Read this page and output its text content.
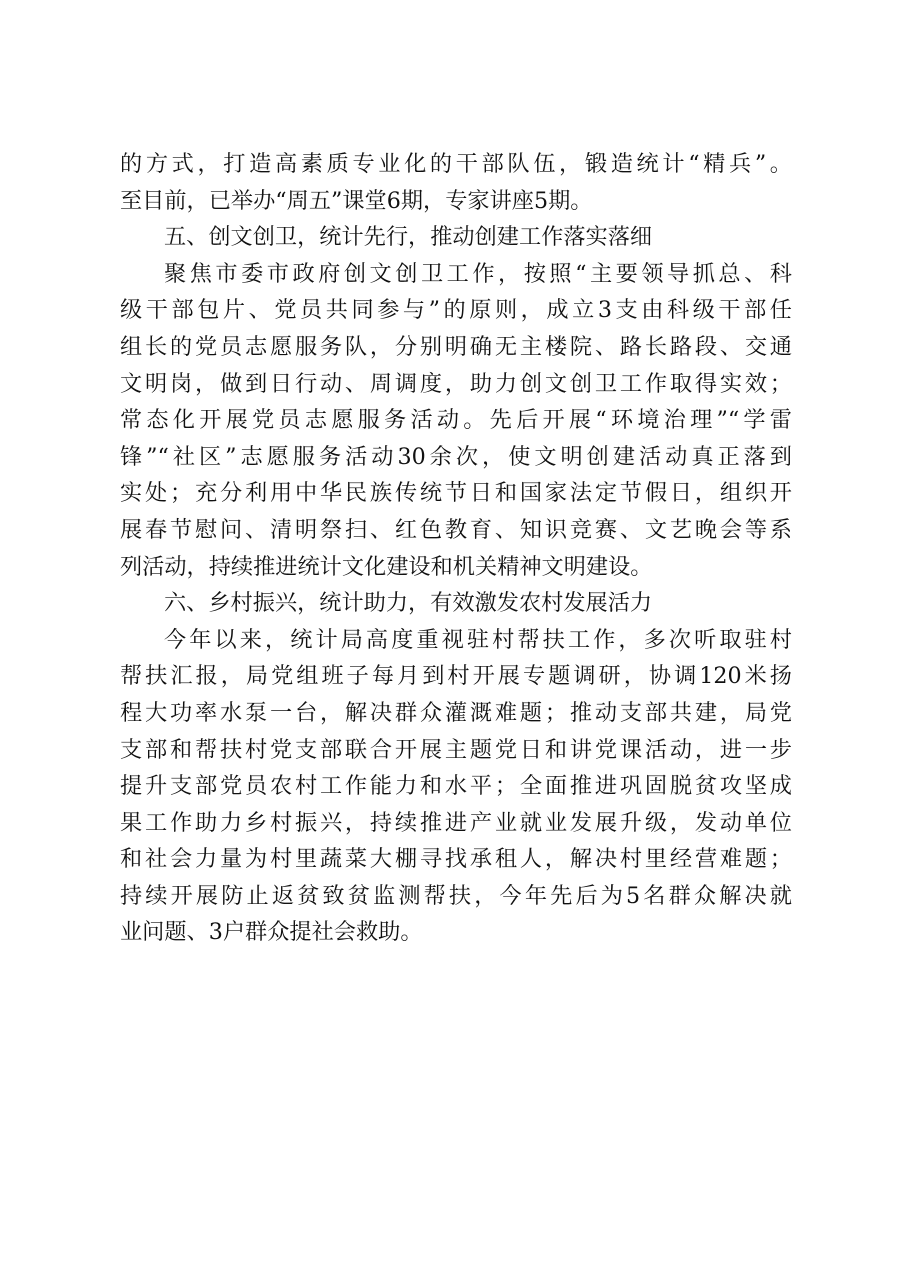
的方式，打造高素质专业化的干部队伍，锻造统计“精兵”。
至目前，已举办“周五”课堂6期，专家讲座5期。
五、创文创卫，统计先行，推动创建工作落实落细
聚焦市委市政府创文创卫工作，按照“主要领导抓总、科
级干部包片、党员共同参与”的原则，成立3支由科级干部任
组长的党员志愿服务队，分别明确无主楼院、路长路段、交通
文明岗，做到日行动、周调度，助力创文创卫工作取得实效；
常态化开展党员志愿服务活动。先后开展“环境治理”“学雷
锋”“社区”志愿服务活动30余次，使文明创建活动真正落到
实处；充分利用中华民族传统节日和国家法定节假日，组织开
展春节慰问、清明祭扫、红色教育、知识竞赛、文艺晚会等系
列活动，持续推进统计文化建设和机关精神文明建设。
六、乡村振兴，统计助力，有效激发农村发展活力
今年以来，统计局高度重视驻村帮扶工作，多次听取驻村
帮扶汇报，局党组班子每月到村开展专题调研，协调120米扬
程大功率水泵一台，解决群众灌溉难题；推动支部共建，局党
支部和帮扶村党支部联合开展主题党日和讲党课活动，进一步
提升支部党员农村工作能力和水平；全面推进巩固脱贫攻坚成
果工作助力乡村振兴，持续推进产业就业发展升级，发动单位
和社会力量为村里蔬菜大棚寻找承租人，解决村里经营难题；
持续开展防止返贫致贫监测帮扶，今年先后为5名群众解决就
业问题、3户群众提社会救助。
